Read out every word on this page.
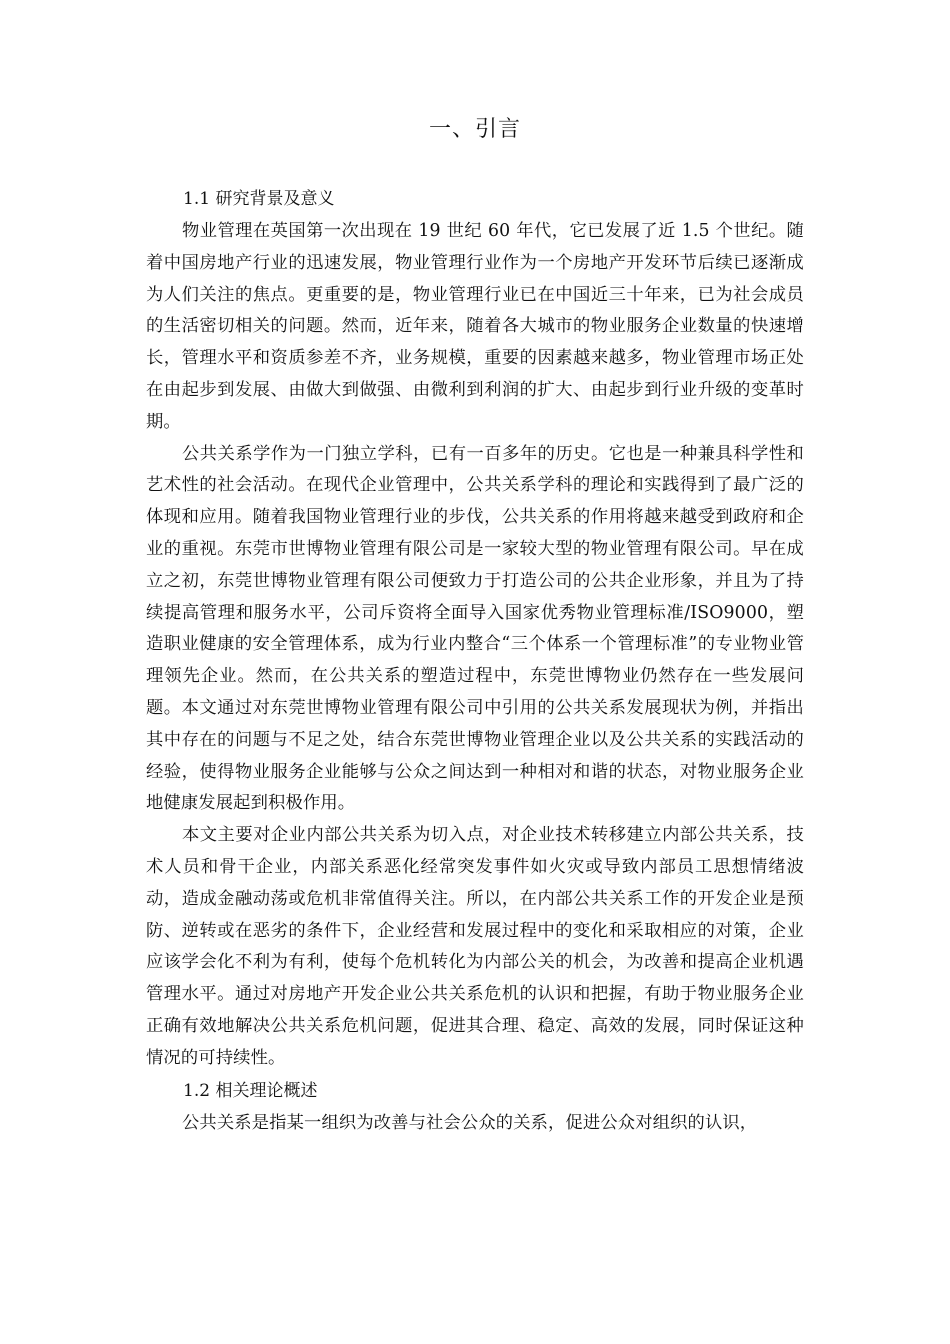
一、引言

1.1 研究背景及意义

物业管理在英国第一次出现在 19 世纪 60 年代，它已发展了近 1.5 个世纪。随着中国房地产行业的迅速发展，物业管理行业作为一个房地产开发环节后续已逐渐成为人们关注的焦点。更重要的是，物业管理行业已在中国近三十年来，已为社会成员的生活密切相关的问题。然而，近年来，随着各大城市的物业服务企业数量的快速增长，管理水平和资质参差不齐，业务规模，重要的因素越来越多，物业管理市场正处在由起步到发展、由做大到做强、由微利到利润的扩大、由起步到行业升级的变革时期。

公共关系学作为一门独立学科，已有一百多年的历史。它也是一种兼具科学性和艺术性的社会活动。在现代企业管理中，公共关系学科的理论和实践得到了最广泛的体现和应用。随着我国物业管理行业的步伐，公共关系的作用将越来越受到政府和企业的重视。东莞市世博物业管理有限公司是一家较大型的物业管理有限公司。早在成立之初，东莞世博物业管理有限公司便致力于打造公司的公共企业形象，并且为了持续提高管理和服务水平，公司斥资将全面导入国家优秀物业管理标准/ISO9000，塑造职业健康的安全管理体系，成为行业内整合“三个体系一个管理标准”的专业物业管理领先企业。然而，在公共关系的塑造过程中，东莞世博物业仍然存在一些发展问题。本文通过对东莞世博物业管理有限公司中引用的公共关系发展现状为例，并指出其中存在的问题与不足之处，结合东莞世博物业管理企业以及公共关系的实践活动的经验，使得物业服务企业能够与公众之间达到一种相对和谐的状态，对物业服务企业地健康发展起到积极作用。

本文主要对企业内部公共关系为切入点，对企业技术转移建立内部公共关系，技术人员和骨干企业，内部关系恶化经常突发事件如火灾或导致内部员工思想情绪波动，造成金融动荡或危机非常值得关注。所以，在内部公共关系工作的开发企业是预防、逆转或在恶劣的条件下，企业经营和发展过程中的变化和采取相应的对策，企业应该学会化不利为有利，使每个危机转化为内部公关的机会，为改善和提高企业机遇管理水平。通过对房地产开发企业公共关系危机的认识和把握，有助于物业服务企业正确有效地解决公共关系危机问题，促进其合理、稳定、高效的发展，同时保证这种情况的可持续性。

1.2 相关理论概述

公共关系是指某一组织为改善与社会公众的关系，促进公众对组织的认识，
